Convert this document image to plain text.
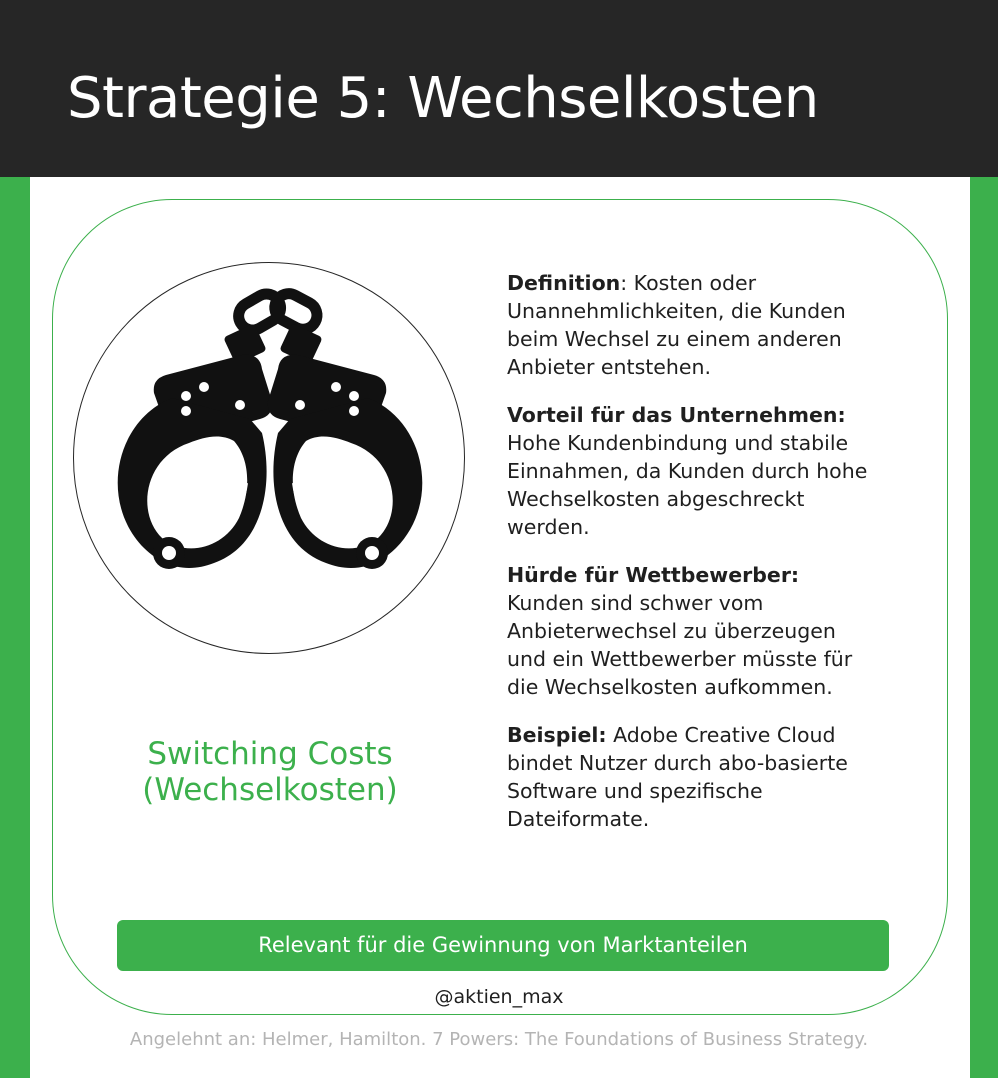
Strategie 5: Wechselkosten
Switching Costs
(Wechselkosten)

Definition: Kosten oder Unannehmlichkeiten, die Kunden beim Wechsel zu einem anderen Anbieter entstehen.

Vorteil für das Unternehmen: Hohe Kundenbindung und stabile Einnahmen, da Kunden durch hohe Wechselkosten abgeschreckt werden.

Hürde für Wettbewerber: Kunden sind schwer vom Anbieterwechsel zu überzeugen und ein Wettbewerber müsste für die Wechselkosten aufkommen.

Beispiel: Adobe Creative Cloud bindet Nutzer durch abo-basierte Software und spezifische Dateiformate.

Relevant für die Gewinnung von Marktanteilen
@aktien_max
Angelehnt an: Helmer, Hamilton. 7 Powers: The Foundations of Business Strategy.
